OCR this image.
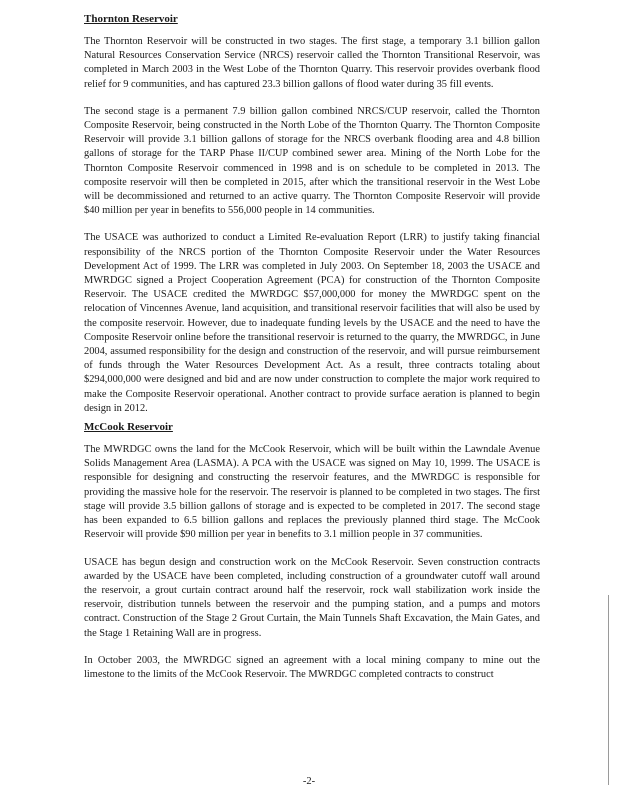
Thornton Reservoir

The Thornton Reservoir will be constructed in two stages. The first stage, a temporary 3.1 billion gallon Natural Resources Conservation Service (NRCS) reservoir called the Thornton Transitional Reservoir, was completed in March 2003 in the West Lobe of the Thornton Quarry. This reservoir provides overbank flood relief for 9 communities, and has captured 23.3 billion gallons of flood water during 35 fill events.

The second stage is a permanent 7.9 billion gallon combined NRCS/CUP reservoir, called the Thornton Composite Reservoir, being constructed in the North Lobe of the Thornton Quarry. The Thornton Composite Reservoir will provide 3.1 billion gallons of storage for the NRCS overbank flooding area and 4.8 billion gallons of storage for the TARP Phase II/CUP combined sewer area. Mining of the North Lobe for the Thornton Composite Reservoir commenced in 1998 and is on schedule to be completed in 2013. The composite reservoir will then be completed in 2015, after which the transitional reservoir in the West Lobe will be decommissioned and returned to an active quarry. The Thornton Composite Reservoir will provide $40 million per year in benefits to 556,000 people in 14 communities.

The USACE was authorized to conduct a Limited Re-evaluation Report (LRR) to justify taking financial responsibility of the NRCS portion of the Thornton Composite Reservoir under the Water Resources Development Act of 1999. The LRR was completed in July 2003. On September 18, 2003 the USACE and MWRDGC signed a Project Cooperation Agreement (PCA) for construction of the Thornton Composite Reservoir. The USACE credited the MWRDGC $57,000,000 for money the MWRDGC spent on the relocation of Vincennes Avenue, land acquisition, and transitional reservoir facilities that will also be used by the composite reservoir. However, due to inadequate funding levels by the USACE and the need to have the Composite Reservoir online before the transitional reservoir is returned to the quarry, the MWRDGC, in June 2004, assumed responsibility for the design and construction of the reservoir, and will pursue reimbursement of funds through the Water Resources Development Act. As a result, three contracts totaling about $294,000,000 were designed and bid and are now under construction to complete the major work required to make the Composite Reservoir operational. Another contract to provide surface aeration is planned to begin design in 2012.

McCook Reservoir

The MWRDGC owns the land for the McCook Reservoir, which will be built within the Lawndale Avenue Solids Management Area (LASMA). A PCA with the USACE was signed on May 10, 1999. The USACE is responsible for designing and constructing the reservoir features, and the MWRDGC is responsible for providing the massive hole for the reservoir. The reservoir is planned to be completed in two stages. The first stage will provide 3.5 billion gallons of storage and is expected to be completed in 2017. The second stage has been expanded to 6.5 billion gallons and replaces the previously planned third stage. The McCook Reservoir will provide $90 million per year in benefits to 3.1 million people in 37 communities.

USACE has begun design and construction work on the McCook Reservoir. Seven construction contracts awarded by the USACE have been completed, including construction of a groundwater cutoff wall around the reservoir, a grout curtain contract around half the reservoir, rock wall stabilization work inside the reservoir, distribution tunnels between the reservoir and the pumping station, and a pumps and motors contract. Construction of the Stage 2 Grout Curtain, the Main Tunnels Shaft Excavation, the Main Gates, and the Stage 1 Retaining Wall are in progress.

In October 2003, the MWRDGC signed an agreement with a local mining company to mine out the limestone to the limits of the McCook Reservoir. The MWRDGC completed contracts to construct

-2-
